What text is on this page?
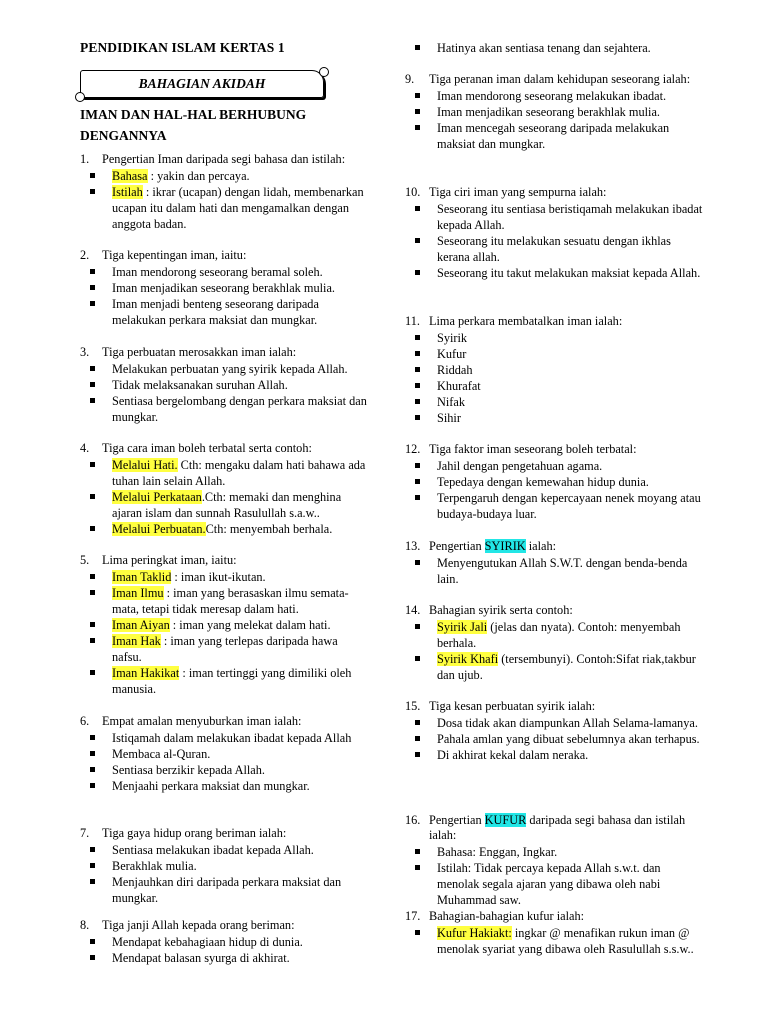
PENDIDIKAN ISLAM KERTAS 1
BAHAGIAN AKIDAH
IMAN DAN HAL-HAL BERHUBUNG DENGANNYA

1.	Pengertian Iman daripada segi bahasa dan istilah:

Bahasa : yakin dan percaya.
Istilah : ikrar (ucapan) dengan lidah, membenarkan ucapan itu dalam hati dan mengamalkan dengan anggota badan.

2.	Tiga kepentingan iman, iaitu:

Iman mendorong seseorang beramal soleh.
Iman menjadikan seseorang berakhlak mulia.
Iman menjadi benteng seseorang daripada melakukan perkara maksiat dan mungkar.

3.	Tiga perbuatan merosakkan iman ialah:

Melakukan perbuatan yang syirik kepada Allah.
Tidak melaksanakan suruhan Allah.
Sentiasa bergelombang dengan perkara maksiat dan mungkar.

4.	Tiga cara iman boleh terbatal serta contoh:

Melalui Hati. Cth: mengaku dalam hati bahawa ada tuhan lain selain Allah.
Melalui Perkataan.Cth: memaki dan menghina ajaran islam dan sunnah Rasulullah s.a.w..
Melalui Perbuatan.Cth: menyembah berhala.

5.	Lima peringkat iman, iaitu:

Iman Taklid : iman ikut-ikutan.
Iman Ilmu : iman yang berasaskan ilmu semata-mata, tetapi tidak meresap dalam hati.
Iman Aiyan : iman yang melekat dalam hati.
Iman Hak : iman yang terlepas daripada hawa nafsu.
Iman Hakikat : iman tertinggi yang dimiliki oleh manusia.

6.	Empat amalan menyuburkan iman ialah:

Istiqamah dalam melakukan ibadat kepada Allah
Membaca al-Quran.
Sentiasa berzikir kepada Allah.
Menjaahi perkara maksiat dan mungkar.

7.	Tiga gaya hidup orang beriman ialah:

Sentiasa melakukan ibadat kepada Allah.
Berakhlak mulia.
Menjauhkan diri daripada perkara maksiat dan mungkar.

8.	Tiga janji Allah kepada orang beriman:

Mendapat kebahagiaan hidup di dunia.
Mendapat balasan syurga di akhirat.
Hatinya akan sentiasa tenang dan sejahtera.

9.	Tiga peranan iman dalam kehidupan seseorang ialah:

Iman mendorong seseorang melakukan ibadat.
Iman menjadikan seseorang berakhlak mulia.
Iman mencegah seseorang daripada melakukan maksiat dan mungkar.

10. Tiga ciri iman yang sempurna ialah:

Seseorang itu sentiasa beristiqamah melakukan ibadat kepada Allah.
Seseorang itu melakukan sesuatu dengan ikhlas kerana allah.
Seseorang itu takut melakukan maksiat kepada Allah.

11. Lima perkara membatalkan iman ialah:

Syirik
Kufur
Riddah
Khurafat
Nifak
Sihir

12. Tiga faktor iman seseorang boleh terbatal:

Jahil dengan pengetahuan agama.
Tepedaya dengan kemewahan hidup dunia.
Terpengaruh dengan kepercayaan nenek moyang atau budaya-budaya luar.

13. Pengertian SYIRIK ialah:

Menyengutukan Allah S.W.T. dengan benda-benda lain.

14. Bahagian syirik serta contoh:

Syirik Jali (jelas dan nyata). Contoh: menyembah berhala.
Syirik Khafi (tersembunyi). Contoh:Sifat riak,takbur dan ujub.

15. Tiga kesan perbuatan syirik ialah:

Dosa tidak akan diampunkan Allah Selama-lamanya.
Pahala amlan yang dibuat sebelumnya akan terhapus.
Di akhirat kekal dalam neraka.

16. Pengertian KUFUR daripada segi bahasa dan istilah ialah:

Bahasa: Enggan, Ingkar.
Istilah: Tidak percaya kepada Allah s.w.t. dan menolak segala ajaran yang dibawa oleh nabi Muhammad saw.

17. Bahagian-bahagian kufur ialah:

Kufur Hakiakt: ingkar @ menafikan rukun iman @ menolak syariat yang dibawa oleh Rasulullah s.s.w..
